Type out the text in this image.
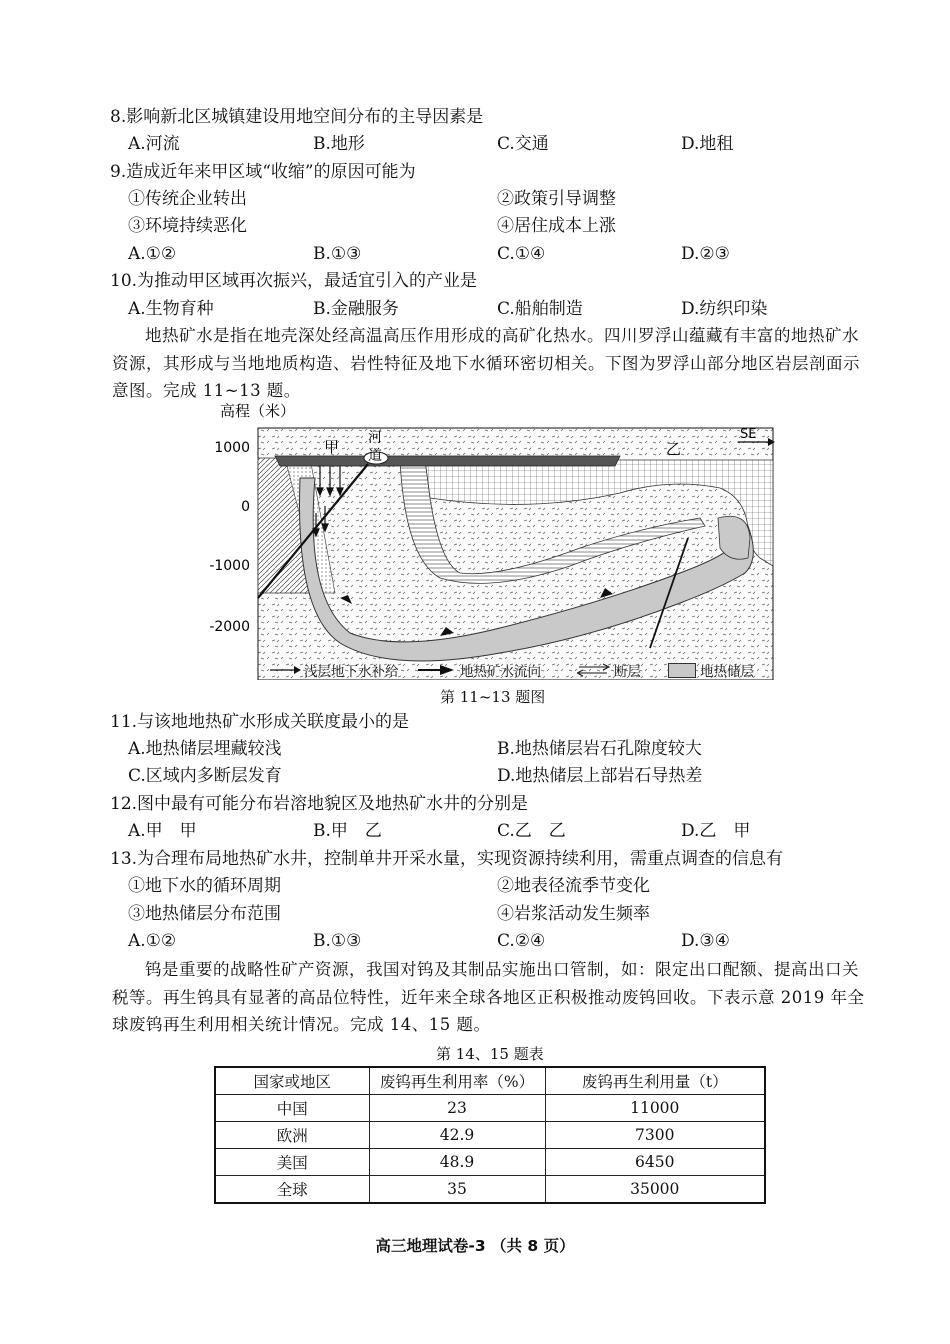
8.影响新北区城镇建设用地空间分布的主导因素是
A.河流	B.地形	C.交通	D.地租
9.造成近年来甲区域“收缩”的原因可能为
①传统企业转出	②政策引导调整
③环境持续恶化	④居住成本上涨
A.①②	B.①③	C.①④	D.②③
10.为推动甲区域再次振兴，最适宜引入的产业是
A.生物育种	B.金融服务	C.船舶制造	D.纺织印染
地热矿水是指在地壳深处经高温高压作用形成的高矿化热水。四川罗浮山蕴藏有丰富的地热矿水资源，其形成与当地地质构造、岩性特征及地下水循环密切相关。下图为罗浮山部分地区岩层剖面示意图。完成 11~13 题。
高程（米）
1000
0
-1000
-2000
甲 河
道	乙
SE
浅层地下水补给	地热矿水流向	断层	地热储层
第 11~13 题图
11.与该地地热矿水形成关联度最小的是
A.地热储层埋藏较浅	B.地热储层岩石孔隙度较大
C.区域内多断层发育	D.地热储层上部岩石导热差
12.图中最有可能分布岩溶地貌区及地热矿水井的分别是
A.甲　甲	B.甲　乙	C.乙　乙	D.乙　甲
13.为合理布局地热矿水井，控制单井开采水量，实现资源持续利用，需重点调查的信息有
①地下水的循环周期	②地表径流季节变化
③地热储层分布范围	④岩浆活动发生频率
A.①②	B.①③	C.②④	D.③④
钨是重要的战略性矿产资源，我国对钨及其制品实施出口管制，如：限定出口配额、提高出口关税等。再生钨具有显著的高品位特性，近年来全球各地区正积极推动废钨回收。下表示意 2019 年全球废钨再生利用相关统计情况。完成 14、15 题。
第 14、15 题表
国家或地区	废钨再生利用率（%）	废钨再生利用量（t）
中国	23	11000
欧洲	42.9	7300
美国	48.9	6450
全球	35	35000
高三地理试卷-3 （共 8 页）
